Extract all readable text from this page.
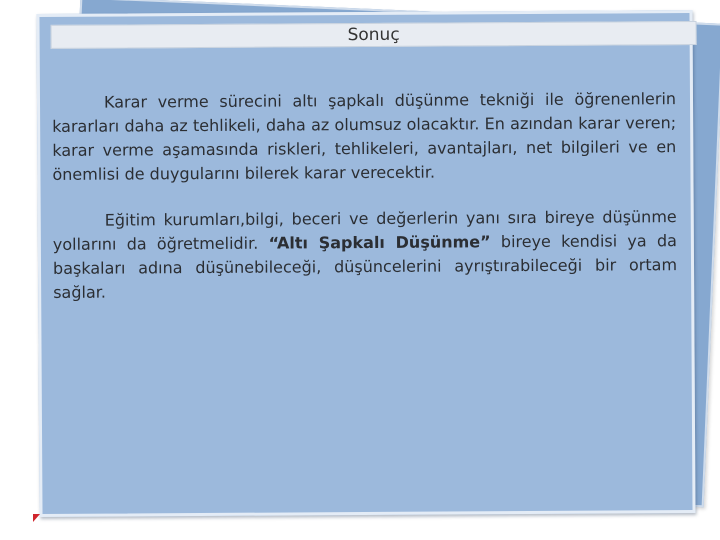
Sonuç

Karar verme sürecini altı şapkalı düşünme tekniği ile öğrenenlerin kararları daha az tehlikeli, daha az olumsuz olacaktır. En azından karar veren; karar verme aşamasında riskleri, tehlikeleri, avantajları, net bilgileri ve en önemlisi de duygularını bilerek karar verecektir.

Eğitim kurumları,bilgi, beceri ve değerlerin yanı sıra bireye düşünme yollarını da öğretmelidir. “Altı Şapkalı Düşünme” bireye kendisi ya da başkaları adına düşünebileceği, düşüncelerini ayrıştırabileceği bir ortam sağlar.
